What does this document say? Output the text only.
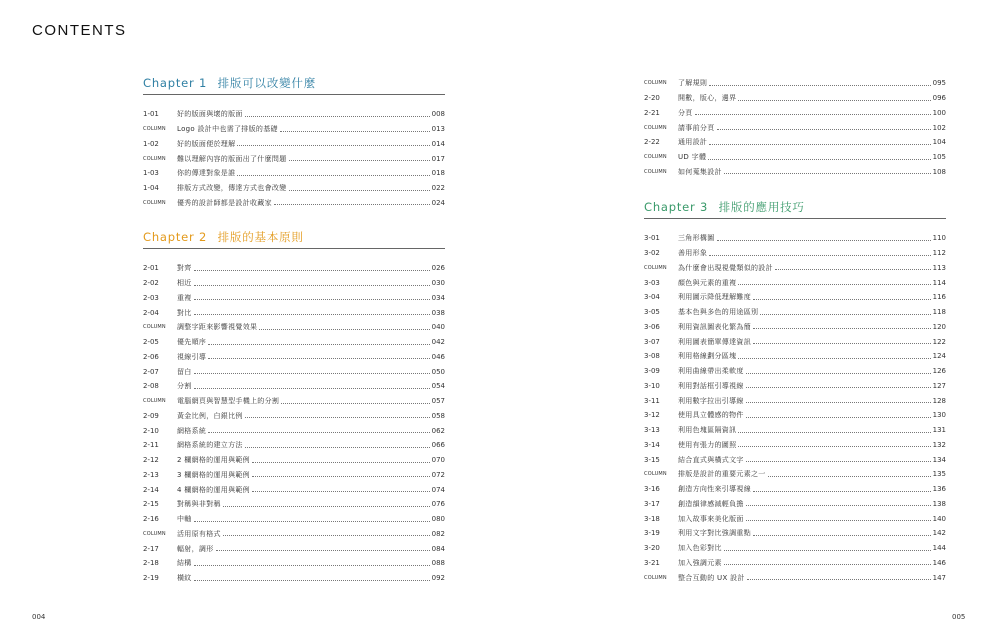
CONTENTS
Chapter 1 排版可以改變什麼
1-01	好的版面與壞的版面	008
COLUMN	Logo 設計中也需了排版的基礎	013
1-02	好的版面便於理解	014
COLUMN	難以理解內容的版面出了什麼問題	017
1-03	你的傳達對象是誰	018
1-04	排版方式改變，傳達方式也會改變	022
COLUMN	優秀的設計師都是設計收藏家	024
Chapter 2 排版的基本原則
2-01	對齊	026
2-02	相近	030
2-03	重複	034
2-04	對比	038
COLUMN	調整字距來影響視覺效果	040
2-05	優先順序	042
2-06	視線引導	046
2-07	留白	050
2-08	分割	054
COLUMN	電腦網頁與智慧型手機上的分割	057
2-09	黃金比例，白銀比例	058
2-10	網格系統	062
2-11	網格系統的建立方法	066
2-12	2 欄網格的運用與範例	070
2-13	3 欄網格的運用與範例	072
2-14	4 欄網格的運用與範例	074
2-15	對稱與非對稱	076
2-16	中軸	080
COLUMN	活用原有格式	082
2-17	輻射，調形	084
2-18	結構	088
2-19	橫紋	092
COLUMN	了解規則	095
2-20	開數，版心，邊界	096
2-21	分頁	100
COLUMN	請事前分頁	102
2-22	通用設計	104
COLUMN	UD 字體	105
COLUMN	如何蒐集設計	108
Chapter 3 排版的應用技巧
3-01	三角形構圖	110
3-02	善用形象	112
COLUMN	為什麼會出現視覺類似的設計	113
3-03	顏色與元素的重複	114
3-04	利用圖示降低理解難度	116
3-05	基本色與多色的用途區別	118
3-06	利用資訊圖表化繁為簡	120
3-07	利用圖表簡單傳達資訊	122
3-08	利用格線劃分區塊	124
3-09	利用曲線帶出柔軟度	126
3-10	利用對話框引導視線	127
3-11	利用數字拉出引導線	128
3-12	使用具立體感的物件	130
3-13	利用色塊區隔資訊	131
3-14	使用有張力的圖照	132
3-15	結合直式與橫式文字	134
COLUMN	排版是設計的重要元素之一	135
3-16	創造方向性來引導視線	136
3-17	創造韻律感減輕負擔	138
3-18	加入故事來美化版面	140
3-19	利用文字對比強調重點	142
3-20	加入色彩對比	144
3-21	加入強調元素	146
COLUMN	整合互動的 UX 設計	147
004	005
